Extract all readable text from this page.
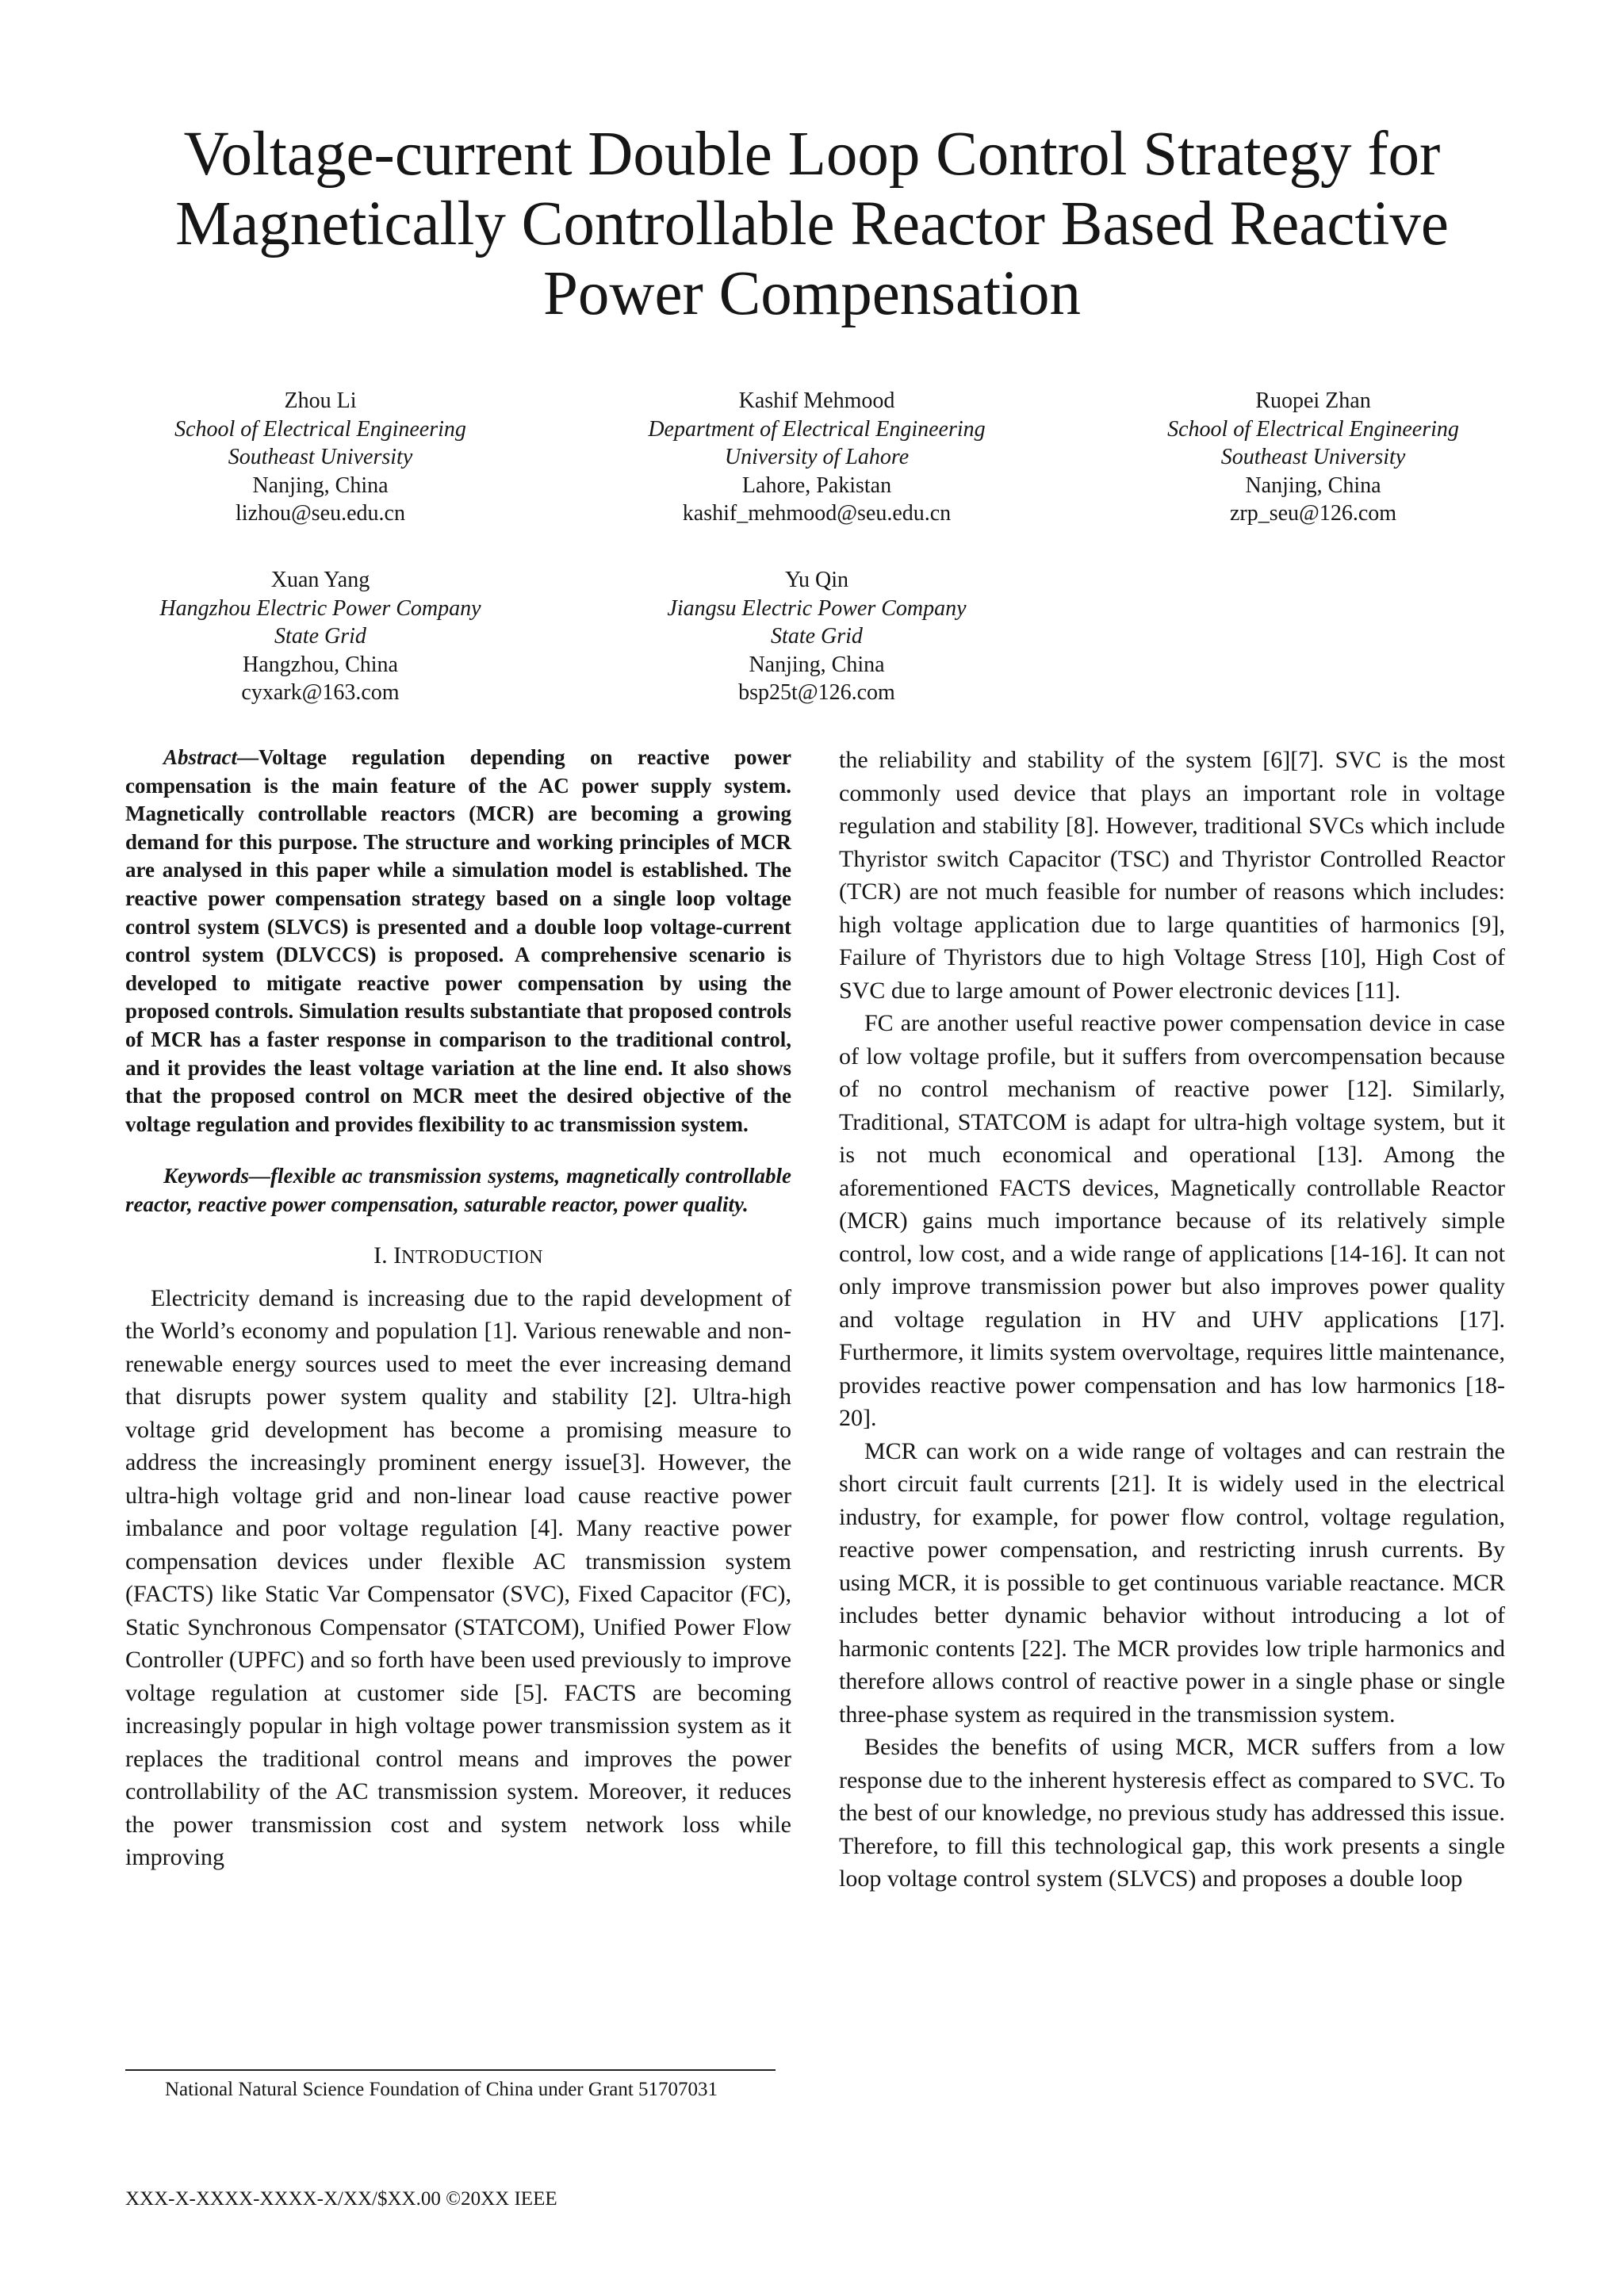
Voltage-current Double Loop Control Strategy for
Magnetically Controllable Reactor Based Reactive
Power Compensation
Zhou Li
School of Electrical Engineering
Southeast University
Nanjing, China
lizhou@seu.edu.cn
Kashif Mehmood
Department of Electrical Engineering
University of Lahore
Lahore, Pakistan
kashif_mehmood@seu.edu.cn
Ruopei Zhan
School of Electrical Engineering
Southeast University
Nanjing, China
zrp_seu@126.com
Xuan Yang
Hangzhou Electric Power Company
State Grid
Hangzhou, China
cyxark@163.com
Yu Qin
Jiangsu Electric Power Company
State Grid
Nanjing, China
bsp25t@126.com

Abstract—Voltage regulation depending on reactive power compensation is the main feature of the AC power supply system. Magnetically controllable reactors (MCR) are becoming a growing demand for this purpose. The structure and working principles of MCR are analysed in this paper while a simulation model is established. The reactive power compensation strategy based on a single loop voltage control system (SLVCS) is presented and a double loop voltage-current control system (DLVCCS) is proposed. A comprehensive scenario is developed to mitigate reactive power compensation by using the proposed controls. Simulation results substantiate that proposed controls of MCR has a faster response in comparison to the traditional control, and it provides the least voltage variation at the line end. It also shows that the proposed control on MCR meet the desired objective of the voltage regulation and provides flexibility to ac transmission system.

Keywords—flexible ac transmission systems, magnetically controllable reactor, reactive power compensation, saturable reactor, power quality.

I. INTRODUCTION

Electricity demand is increasing due to the rapid development of the World’s economy and population [1]. Various renewable and non-renewable energy sources used to meet the ever increasing demand that disrupts power system quality and stability [2]. Ultra-high voltage grid development has become a promising measure to address the increasingly prominent energy issue[3]. However, the ultra-high voltage grid and non-linear load cause reactive power imbalance and poor voltage regulation [4]. Many reactive power compensation devices under flexible AC transmission system (FACTS) like Static Var Compensator (SVC), Fixed Capacitor (FC), Static Synchronous Compensator (STATCOM), Unified Power Flow Controller (UPFC) and so forth have been used previously to improve voltage regulation at customer side [5]. FACTS are becoming increasingly popular in high voltage power transmission system as it replaces the traditional control means and improves the power controllability of the AC transmission system. Moreover, it reduces the power transmission cost and system network loss while improving

the reliability and stability of the system [6][7]. SVC is the most commonly used device that plays an important role in voltage regulation and stability [8]. However, traditional SVCs which include Thyristor switch Capacitor (TSC) and Thyristor Controlled Reactor (TCR) are not much feasible for number of reasons which includes: high voltage application due to large quantities of harmonics [9], Failure of Thyristors due to high Voltage Stress [10], High Cost of SVC due to large amount of Power electronic devices [11].

FC are another useful reactive power compensation device in case of low voltage profile, but it suffers from overcompensation because of no control mechanism of reactive power [12]. Similarly, Traditional, STATCOM is adapt for ultra-high voltage system, but it is not much economical and operational [13]. Among the aforementioned FACTS devices, Magnetically controllable Reactor (MCR) gains much importance because of its relatively simple control, low cost, and a wide range of applications [14-16]. It can not only improve transmission power but also improves power quality and voltage regulation in HV and UHV applications [17]. Furthermore, it limits system overvoltage, requires little maintenance, provides reactive power compensation and has low harmonics [18-20].

MCR can work on a wide range of voltages and can restrain the short circuit fault currents [21]. It is widely used in the electrical industry, for example, for power flow control, voltage regulation, reactive power compensation, and restricting inrush currents. By using MCR, it is possible to get continuous variable reactance. MCR includes better dynamic behavior without introducing a lot of harmonic contents [22]. The MCR provides low triple harmonics and therefore allows control of reactive power in a single phase or single three-phase system as required in the transmission system.

Besides the benefits of using MCR, MCR suffers from a low response due to the inherent hysteresis effect as compared to SVC. To the best of our knowledge, no previous study has addressed this issue. Therefore, to fill this technological gap, this work presents a single loop voltage control system (SLVCS) and proposes a double loop

National Natural Science Foundation of China under Grant 51707031
XXX-X-XXXX-XXXX-X/XX/$XX.00 ©20XX IEEE
